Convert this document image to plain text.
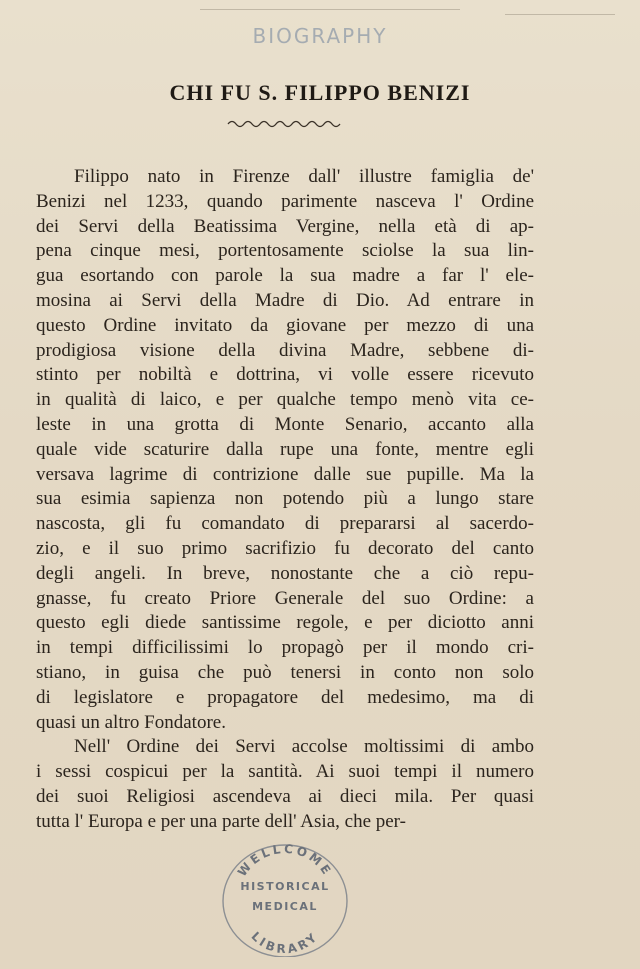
BIOGRAPHY
CHI FU S. FILIPPO BENIZI
Filippo nato in Firenze dall' illustre famiglia de'
Benizi nel 1233, quando parimente nasceva l' Ordine
dei Servi della Beatissima Vergine, nella età di ap-
pena cinque mesi, portentosamente sciolse la sua lin-
gua esortando con parole la sua madre a far l' ele-
mosina ai Servi della Madre di Dio. Ad entrare in
questo Ordine invitato da giovane per mezzo di una
prodigiosa visione della divina Madre, sebbene di-
stinto per nobiltà e dottrina, vi volle essere ricevuto
in qualità di laico, e per qualche tempo menò vita ce-
leste in una grotta di Monte Senario, accanto alla
quale vide scaturire dalla rupe una fonte, mentre egli
versava lagrime di contrizione dalle sue pupille. Ma la
sua esimia sapienza non potendo più a lungo stare
nascosta, gli fu comandato di prepararsi al sacerdo-
zio, e il suo primo sacrifizio fu decorato del canto
degli angeli. In breve, nonostante che a ciò repu-
gnasse, fu creato Priore Generale del suo Ordine: a
questo egli diede santissime regole, e per diciotto anni
in tempi difficilissimi lo propagò per il mondo cri-
stiano, in guisa che può tenersi in conto non solo
di legislatore e propagatore del medesimo, ma di
quasi un altro Fondatore.
Nell' Ordine dei Servi accolse moltissimi di ambo
i sessi cospicui per la santità. Ai suoi tempi il numero
dei suoi Religiosi ascendeva ai dieci mila. Per quasi
tutta l' Europa e per una parte dell' Asia, che per-
WELLCOME
LIBRARY
HISTORICAL
MEDICAL
